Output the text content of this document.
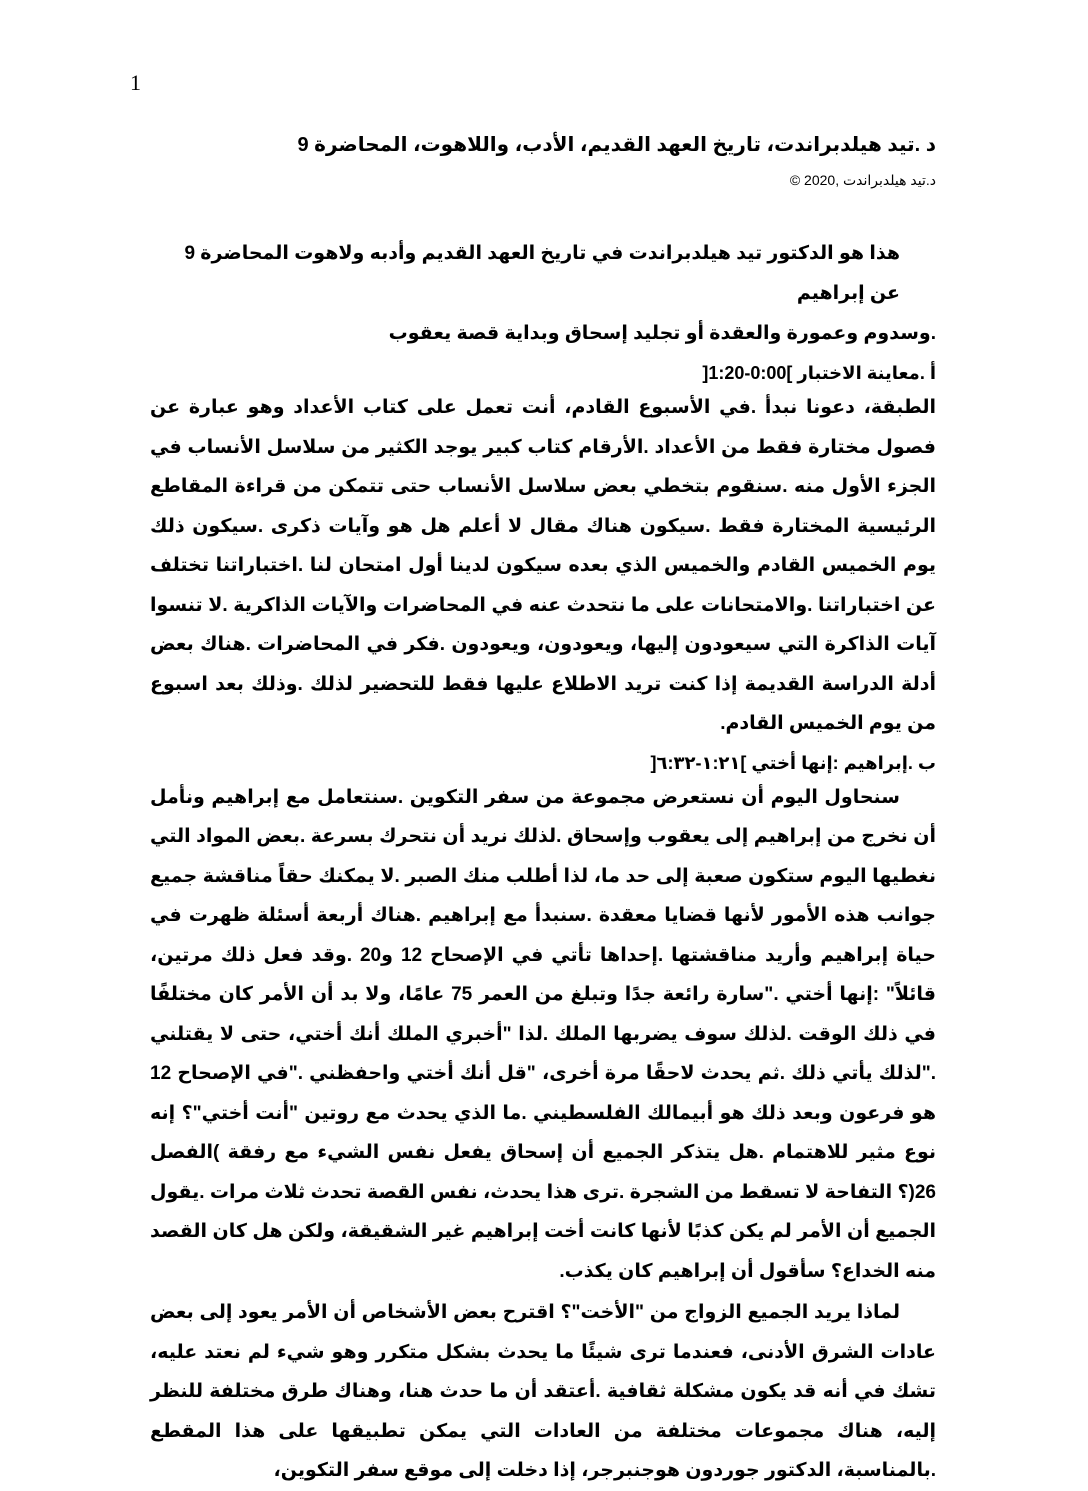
1
د .تيد هيلدبراندت، تاريخ العهد القديم، الأدب، واللاهوت، المحاضرة 9
د.تيد هيلدبراندت ,2020 ©
هذا هو الدكتور تيد هيلدبراندت في تاريخ العهد القديم وأدبه ولاهوت المحاضرة 9 عن إبراهيم
.وسدوم وعمورة والعقدة أو تجليد إسحاق وبداية قصة يعقوب
أ .معاينة الاختبار ]0:00-1:20[

الطبقة، دعونا نبدأ .في الأسبوع القادم، أنت تعمل على كتاب الأعداد وهو عبارة عن فصول مختارة فقط من الأعداد .الأرقام كتاب كبير يوجد الكثير من سلاسل الأنساب في الجزء الأول منه .سنقوم بتخطي بعض سلاسل الأنساب حتى تتمكن من قراءة المقاطع الرئيسية المختارة فقط .سيكون هناك مقال لا أعلم هل هو وآيات ذكرى .سيكون ذلك يوم الخميس القادم والخميس الذي بعده سيكون لدينا أول امتحان لنا .اختباراتنا تختلف عن اختباراتنا .والامتحانات على ما نتحدث عنه في المحاضرات والآيات الذاكرية .لا تنسوا آيات الذاكرة التي سيعودون إليها، ويعودون، ويعودون .فكر في المحاضرات .هناك بعض أدلة الدراسة القديمة إذا كنت تريد الاطلاع عليها فقط للتحضير لذلك .وذلك بعد اسبوع من يوم الخميس القادم.

ب .إبراهيم :إنها أختي ]١:٢١-٦:٣٢[

سنحاول اليوم أن نستعرض مجموعة من سفر التكوين .سنتعامل مع إبراهيم ونأمل أن نخرج من إبراهيم إلى يعقوب وإسحاق .لذلك نريد أن نتحرك بسرعة .بعض المواد التي نغطيها اليوم ستكون صعبة إلى حد ما، لذا أطلب منك الصبر .لا يمكنك حقاً مناقشة جميع جوانب هذه الأمور لأنها قضايا معقدة .سنبدأ مع إبراهيم .هناك أربعة أسئلة ظهرت في حياة إبراهيم وأريد مناقشتها .إحداها تأتي في الإصحاح 12 و20 .وقد فعل ذلك مرتين، قائلاً" :إنها أختي ."سارة رائعة جدًا وتبلغ من العمر 75 عامًا، ولا بد أن الأمر كان مختلفًا في ذلك الوقت .لذلك سوف يضربها الملك .لذا "أخبري الملك أنك أختي، حتى لا يقتلني ."لذلك يأتي ذلك .ثم يحدث لاحقًا مرة أخرى، "قل أنك أختي واحفظني ."في الإصحاح 12 هو فرعون وبعد ذلك هو أبيمالك الفلسطيني .ما الذي يحدث مع روتين "أنت أختي"؟ إنه نوع مثير للاهتمام .هل يتذكر الجميع أن إسحاق يفعل نفس الشيء مع رفقة )الفصل 26(؟ التفاحة لا تسقط من الشجرة .ترى هذا يحدث، نفس القصة تحدث ثلاث مرات .يقول الجميع أن الأمر لم يكن كذبًا لأنها كانت أخت إبراهيم غير الشقيقة، ولكن هل كان القصد منه الخداع؟ سأقول أن إبراهيم كان يكذب.

لماذا يريد الجميع الزواج من "الأخت"؟ اقترح بعض الأشخاص أن الأمر يعود إلى بعض عادات الشرق الأدنى، فعندما ترى شيئًا ما يحدث بشكل متكرر وهو شيء لم نعتد عليه، تشك في أنه قد يكون مشكلة ثقافية .أعتقد أن ما حدث هنا، وهناك طرق مختلفة للنظر إليه، هناك مجموعات مختلفة من العادات التي يمكن تطبيقها على هذا المقطع .بالمناسبة، الدكتور جوردون هوجنبرجر، إذا دخلت إلى موقع سفر التكوين،
